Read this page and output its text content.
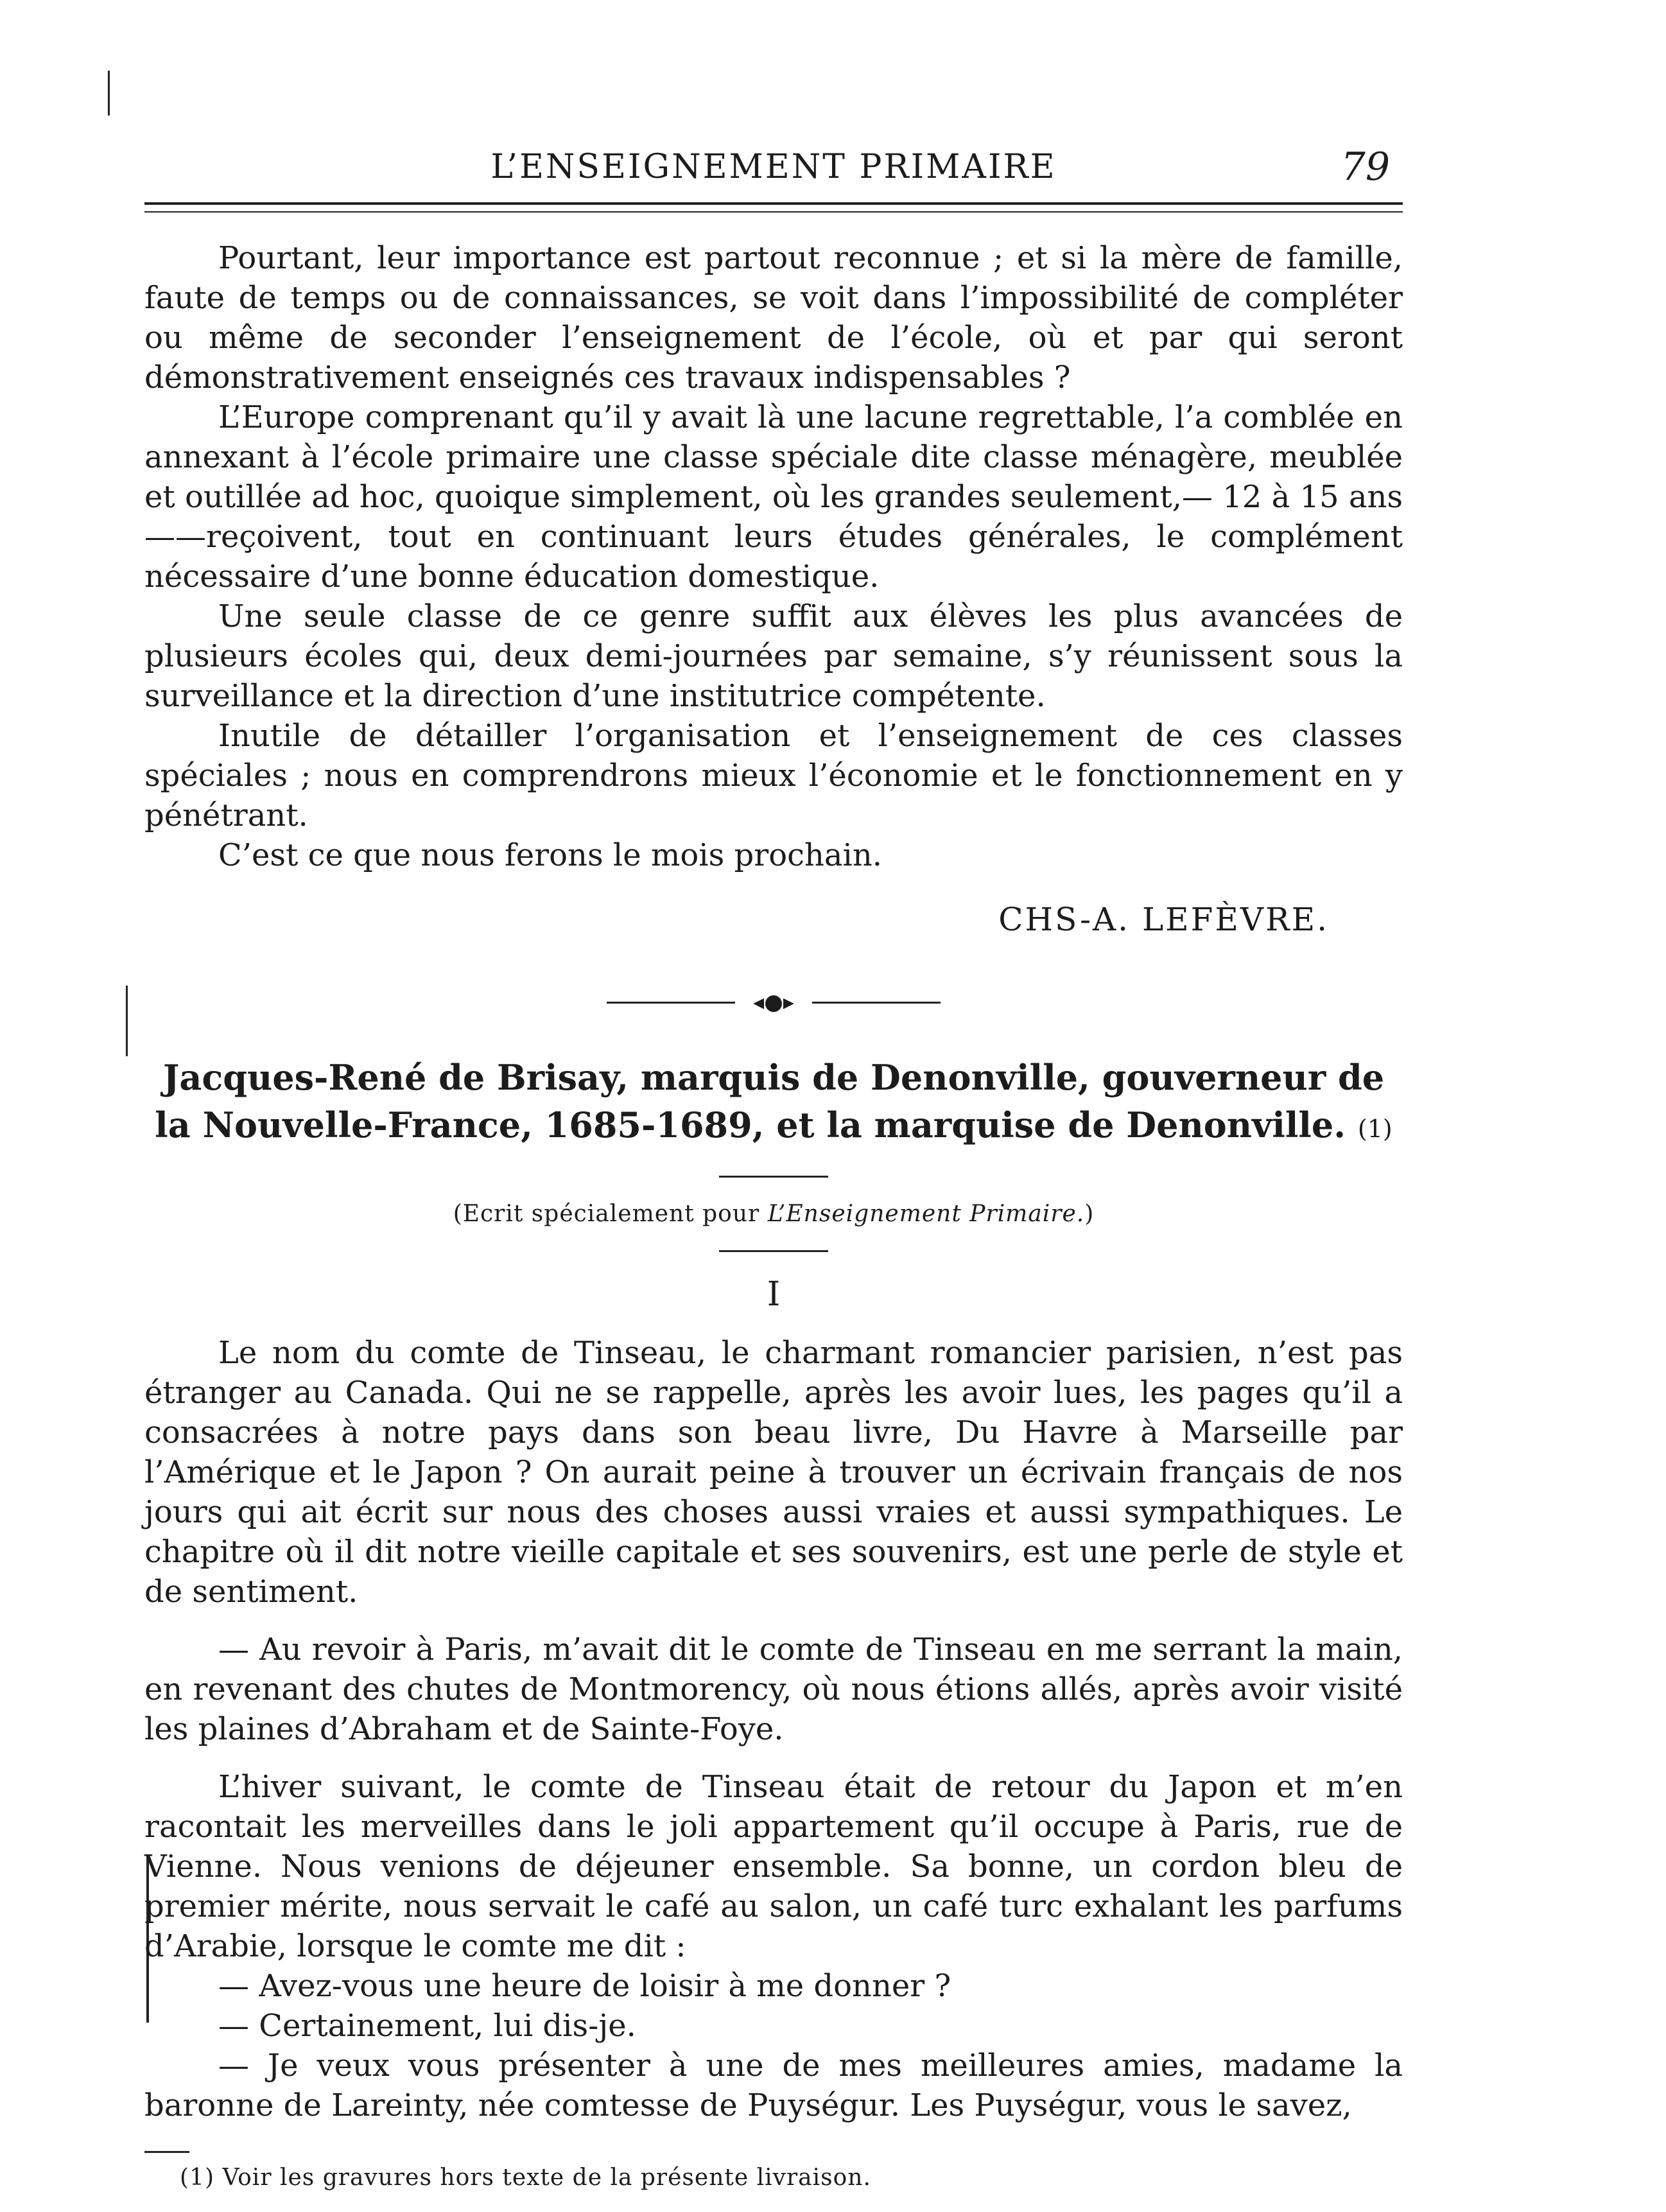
L’ENSEIGNEMENT PRIMAIRE	79

Pourtant, leur importance est partout reconnue ; et si la mère de famille, faute de temps ou de connaissances, se voit dans l’impossibilité de compléter ou même de seconder l’enseignement de l’école, où et par qui seront démonstrativement enseignés ces travaux indispensables ?

L’Europe comprenant qu’il y avait là une lacune regrettable, l’a comblée en annexant à l’école primaire une classe spéciale dite classe ménagère, meublée et outillée ad hoc, quoique simplement, où les grandes seulement,— 12 à 15 ans——reçoivent, tout en continuant leurs études générales, le complément nécessaire d’une bonne éducation domestique.

Une seule classe de ce genre suffit aux élèves les plus avancées de plusieurs écoles qui, deux demi-journées par semaine, s’y réunissent sous la surveillance et la direction d’une institutrice compétente.

Inutile de détailler l’organisation et l’enseignement de ces classes spéciales ; nous en comprendrons mieux l’économie et le fonctionnement en y pénétrant.

C’est ce que nous ferons le mois prochain.

CHS-A. LEFÈVRE.
◂●▸
Jacques-René de Brisay, marquis de Denonville, gouverneur de la Nouvelle-France, 1685-1689, et la marquise de Denonville. (1)
(Ecrit spécialement pour L’Enseignement Primaire.)
I

Le nom du comte de Tinseau, le charmant romancier parisien, n’est pas étranger au Canada. Qui ne se rappelle, après les avoir lues, les pages qu’il a consacrées à notre pays dans son beau livre, Du Havre à Marseille par l’Amérique et le Japon ? On aurait peine à trouver un écrivain français de nos jours qui ait écrit sur nous des choses aussi vraies et aussi sympathiques. Le chapitre où il dit notre vieille capitale et ses souvenirs, est une perle de style et de sentiment.

— Au revoir à Paris, m’avait dit le comte de Tinseau en me serrant la main, en revenant des chutes de Montmorency, où nous étions allés, après avoir visité les plaines d’Abraham et de Sainte-Foye.

L’hiver suivant, le comte de Tinseau était de retour du Japon et m’en racontait les merveilles dans le joli appartement qu’il occupe à Paris, rue de Vienne. Nous venions de déjeuner ensemble. Sa bonne, un cordon bleu de premier mérite, nous servait le café au salon, un café turc exhalant les parfums d’Arabie, lorsque le comte me dit :

— Avez-vous une heure de loisir à me donner ?

— Certainement, lui dis-je.

— Je veux vous présenter à une de mes meilleures amies, madame la baronne de Lareinty, née comtesse de Puységur. Les Puységur, vous le savez,

(1) Voir les gravures hors texte de la présente livraison.
